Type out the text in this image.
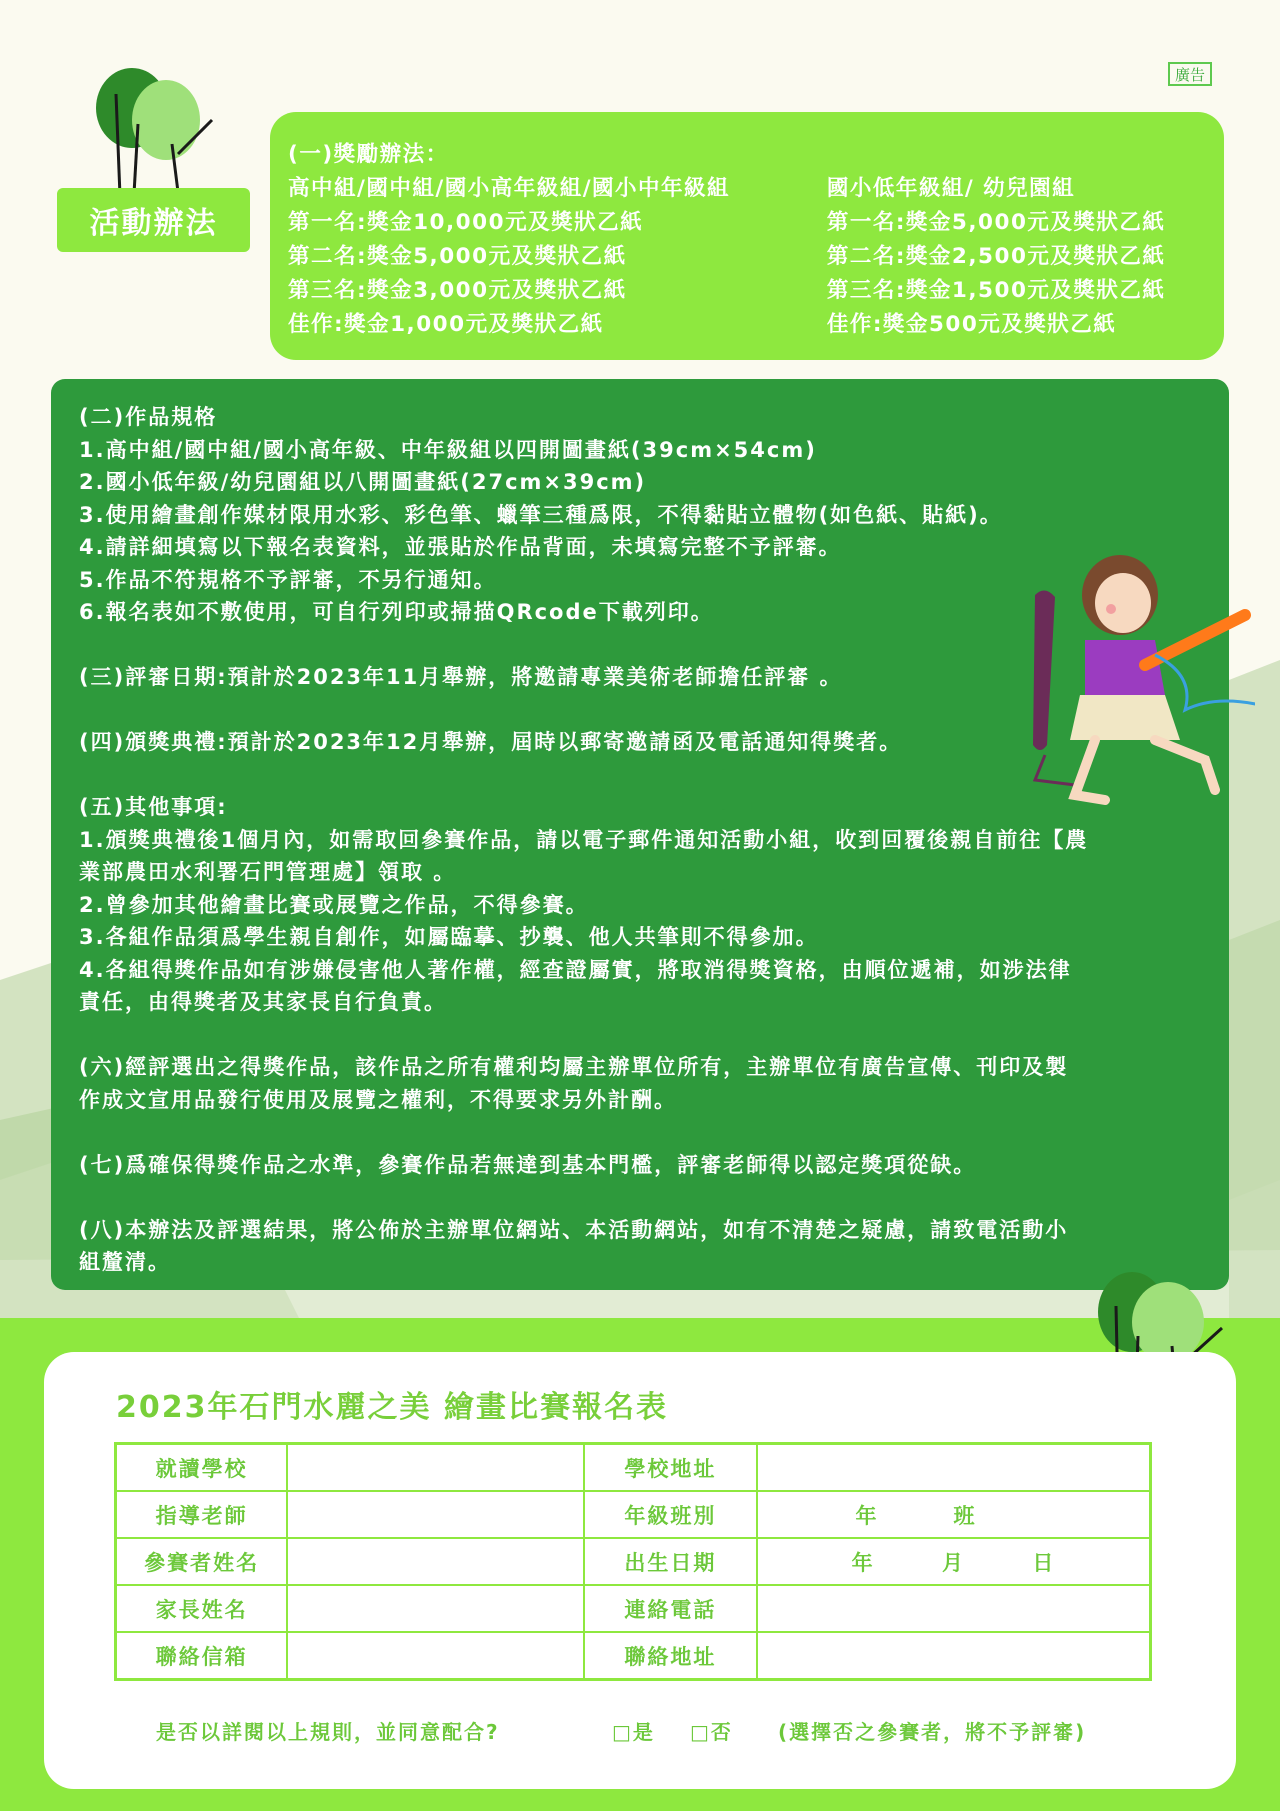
廣告
活動辦法
(一)獎勵辦法：
高中組/國中組/國小高年級組/國小中年級組
第一名:獎金10,000元及獎狀乙紙
第二名:獎金5,000元及獎狀乙紙
第三名:獎金3,000元及獎狀乙紙
佳作:獎金1,000元及獎狀乙紙
國小低年級組/ 幼兒園組
第一名:獎金5,000元及獎狀乙紙
第二名:獎金2,500元及獎狀乙紙
第三名:獎金1,500元及獎狀乙紙
佳作:獎金500元及獎狀乙紙
(二)作品規格
1.高中組/國中組/國小高年級、中年級組以四開圖畫紙(39cm×54cm)
2.國小低年級/幼兒園組以八開圖畫紙(27cm×39cm)
3.使用繪畫創作媒材限用水彩、彩色筆、蠟筆三種爲限，不得黏貼立體物(如色紙、貼紙)。
4.請詳細填寫以下報名表資料，並張貼於作品背面，未填寫完整不予評審。
5.作品不符規格不予評審，不另行通知。
6.報名表如不敷使用，可自行列印或掃描QRcode下載列印。
(三)評審日期:預計於2023年11月舉辦，將邀請專業美術老師擔任評審 。
(四)頒獎典禮:預計於2023年12月舉辦，屆時以郵寄邀請函及電話通知得獎者。
(五)其他事項:
1.頒獎典禮後1個月內，如需取回參賽作品，請以電子郵件通知活動小組，收到回覆後親自前往【農
業部農田水利署石門管理處】領取 。
2.曾參加其他繪畫比賽或展覽之作品，不得參賽。
3.各組作品須爲學生親自創作，如屬臨摹、抄襲、他人共筆則不得參加。
4.各組得獎作品如有涉嫌侵害他人著作權，經查證屬實，將取消得獎資格，由順位遞補，如涉法律
責任，由得獎者及其家長自行負責。
(六)經評選出之得獎作品，該作品之所有權利均屬主辦單位所有，主辦單位有廣告宣傳、刊印及製
作成文宣用品發行使用及展覽之權利，不得要求另外計酬。
(七)爲確保得獎作品之水準，參賽作品若無達到基本門檻，評審老師得以認定獎項從缺。
(八)本辦法及評選結果，將公佈於主辦單位網站、本活動網站，如有不清楚之疑慮，請致電活動小
組釐清。
2023年石門水麗之美 繪畫比賽報名表
就讀學校		學校地址	
指導老師		年級班別	年 班

參賽者姓名		出生日期	年 月 日

家長姓名		連絡電話	
聯絡信箱		聯絡地址	
是否以詳閱以上規則，並同意配合?	□是	□否	(選擇否之參賽者，將不予評審)
